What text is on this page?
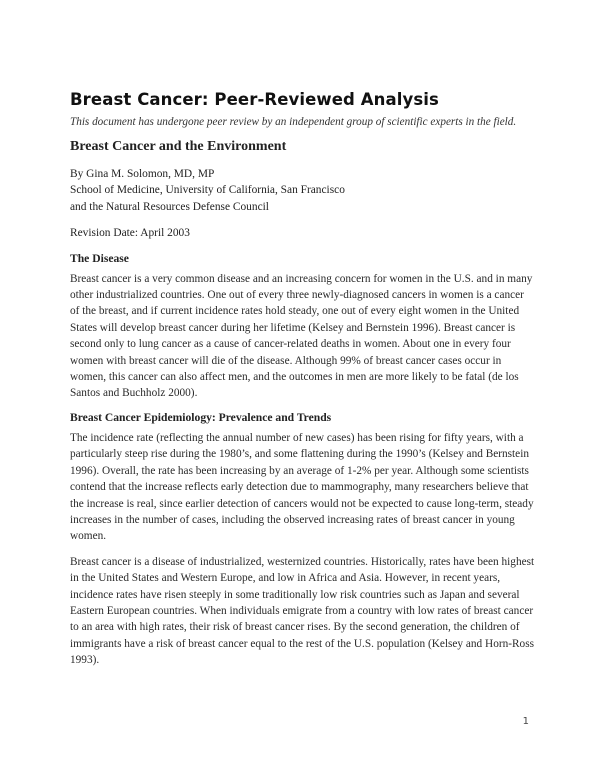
Breast Cancer: Peer-Reviewed Analysis
This document has undergone peer review by an independent group of scientific experts in the field.
Breast Cancer and the Environment

By Gina M. Solomon, MD, MP

School of Medicine, University of California, San Francisco

and the Natural Resources Defense Council

Revision Date: April 2003

The Disease

Breast cancer is a very common disease and an increasing concern for women in the U.S. and in many other industrialized countries. One out of every three newly-diagnosed cancers in women is a cancer of the breast, and if current incidence rates hold steady, one out of every eight women in the United States will develop breast cancer during her lifetime (Kelsey and Bernstein 1996). Breast cancer is second only to lung cancer as a cause of cancer-related deaths in women. About one in every four women with breast cancer will die of the disease. Although 99% of breast cancer cases occur in women, this cancer can also affect men, and the outcomes in men are more likely to be fatal (de los Santos and Buchholz 2000).

Breast Cancer Epidemiology: Prevalence and Trends

The incidence rate (reflecting the annual number of new cases) has been rising for fifty years, with a particularly steep rise during the 1980’s, and some flattening during the 1990’s (Kelsey and Bernstein 1996). Overall, the rate has been increasing by an average of 1-2% per year. Although some scientists contend that the increase reflects early detection due to mammography, many researchers believe that the increase is real, since earlier detection of cancers would not be expected to cause long-term, steady increases in the number of cases, including the observed increasing rates of breast cancer in young women.

Breast cancer is a disease of industrialized, westernized countries. Historically, rates have been highest in the United States and Western Europe, and low in Africa and Asia. However, in recent years, incidence rates have risen steeply in some traditionally low risk countries such as Japan and several Eastern European countries. When individuals emigrate from a country with low rates of breast cancer to an area with high rates, their risk of breast cancer rises. By the second generation, the children of immigrants have a risk of breast cancer equal to the rest of the U.S. population (Kelsey and Horn-Ross 1993).

1
